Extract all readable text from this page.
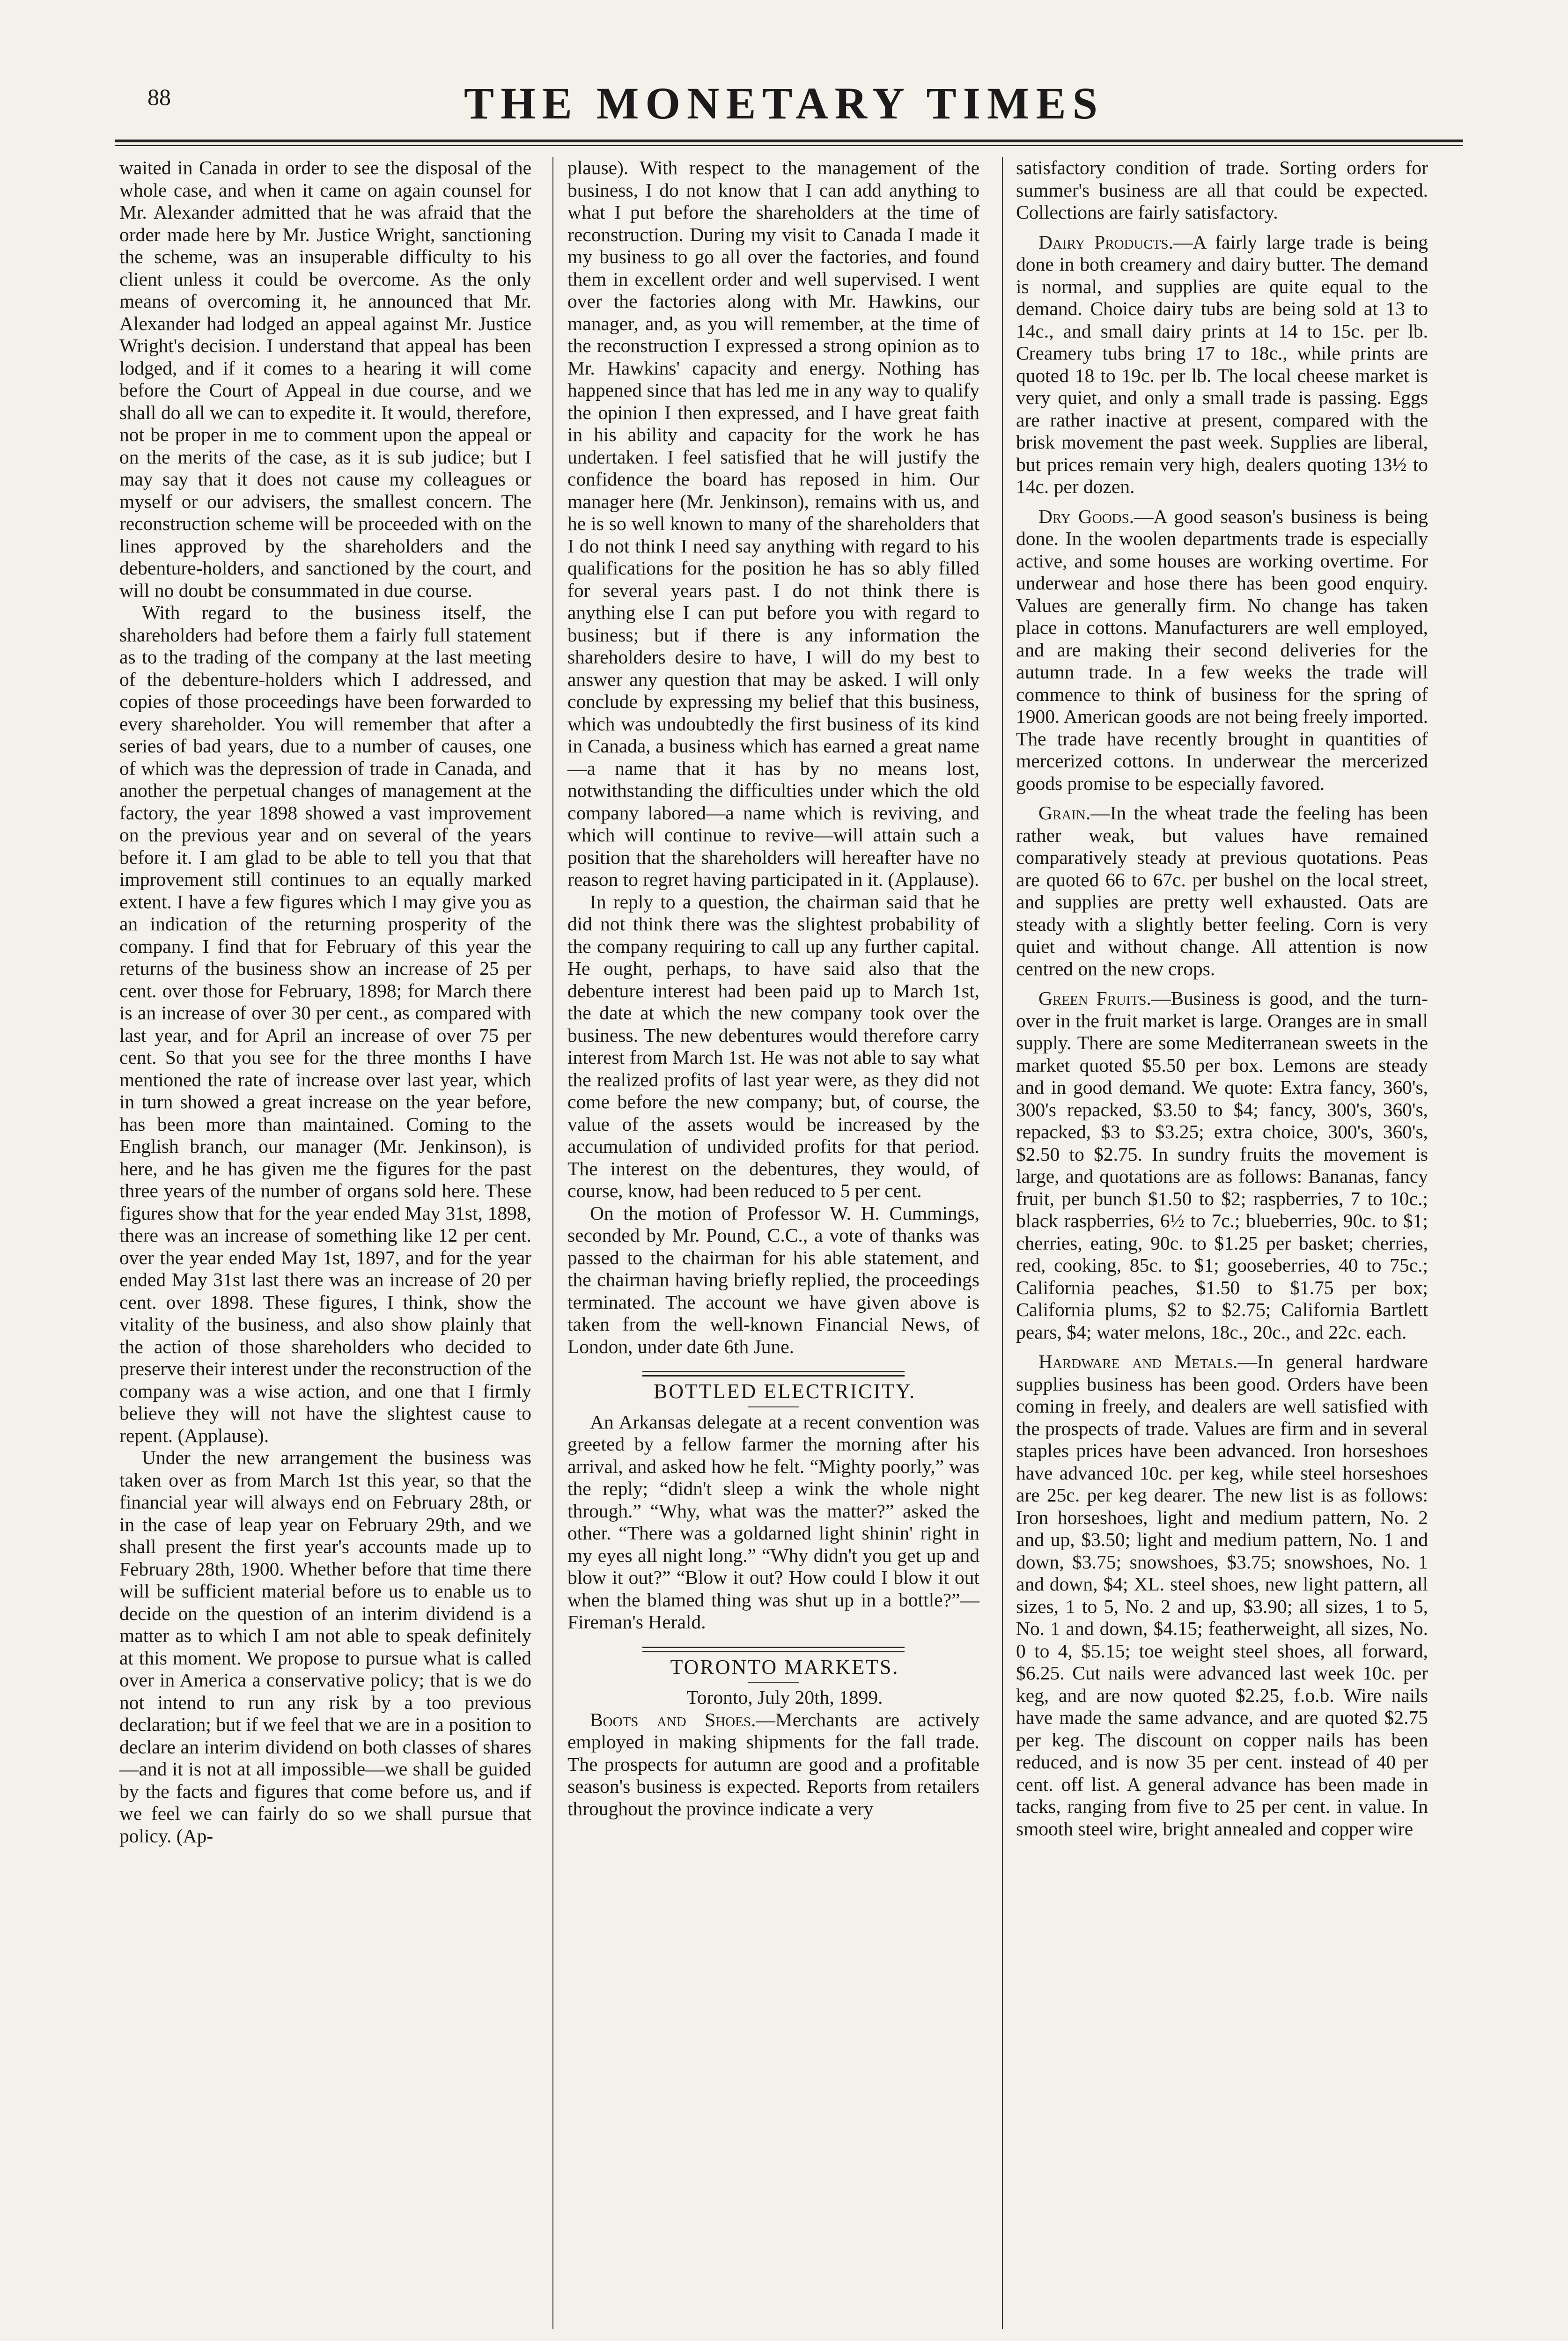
88	THE MONETARY TIMES

waited in Canada in order to see the disposal of the whole case, and when it came on again counsel for Mr. Alexander admitted that he was afraid that the order made here by Mr. Justice Wright, sanctioning the scheme, was an insuperable difficulty to his client unless it could be overcome. As the only means of overcoming it, he announced that Mr. Alexander had lodged an appeal against Mr. Justice Wright's decision. I understand that appeal has been lodged, and if it comes to a hearing it will come before the Court of Appeal in due course, and we shall do all we can to expedite it. It would, therefore, not be proper in me to comment upon the appeal or on the merits of the case, as it is sub judice; but I may say that it does not cause my colleagues or myself or our advisers, the smallest concern. The reconstruction scheme will be proceeded with on the lines approved by the shareholders and the debenture-holders, and sanctioned by the court, and will no doubt be consummated in due course.

With regard to the business itself, the shareholders had before them a fairly full statement as to the trading of the company at the last meeting of the debenture-holders which I addressed, and copies of those proceedings have been forwarded to every shareholder. You will remember that after a series of bad years, due to a number of causes, one of which was the depression of trade in Canada, and another the perpetual changes of management at the factory, the year 1898 showed a vast improvement on the previous year and on several of the years before it. I am glad to be able to tell you that that improvement still continues to an equally marked extent. I have a few figures which I may give you as an indication of the returning prosperity of the company. I find that for February of this year the returns of the business show an increase of 25 per cent. over those for February, 1898; for March there is an increase of over 30 per cent., as compared with last year, and for April an increase of over 75 per cent. So that you see for the three months I have mentioned the rate of increase over last year, which in turn showed a great increase on the year before, has been more than maintained. Coming to the English branch, our manager (Mr. Jenkinson), is here, and he has given me the figures for the past three years of the number of organs sold here. These figures show that for the year ended May 31st, 1898, there was an increase of something like 12 per cent. over the year ended May 1st, 1897, and for the year ended May 31st last there was an increase of 20 per cent. over 1898. These figures, I think, show the vitality of the business, and also show plainly that the action of those shareholders who decided to preserve their interest under the reconstruction of the company was a wise action, and one that I firmly believe they will not have the slightest cause to repent. (Applause).

Under the new arrangement the business was taken over as from March 1st this year, so that the financial year will always end on February 28th, or in the case of leap year on February 29th, and we shall present the first year's accounts made up to February 28th, 1900. Whether before that time there will be sufficient material before us to enable us to decide on the question of an interim dividend is a matter as to which I am not able to speak definitely at this moment. We propose to pursue what is called over in America a conservative policy; that is we do not intend to run any risk by a too previous declaration; but if we feel that we are in a position to declare an interim dividend on both classes of shares—and it is not at all impossible—we shall be guided by the facts and figures that come before us, and if we feel we can fairly do so we shall pursue that policy. (Ap-

plause). With respect to the management of the business, I do not know that I can add anything to what I put before the shareholders at the time of reconstruction. During my visit to Canada I made it my business to go all over the factories, and found them in excellent order and well supervised. I went over the factories along with Mr. Hawkins, our manager, and, as you will remember, at the time of the reconstruction I expressed a strong opinion as to Mr. Hawkins' capacity and energy. Nothing has happened since that has led me in any way to qualify the opinion I then expressed, and I have great faith in his ability and capacity for the work he has undertaken. I feel satisfied that he will justify the confidence the board has reposed in him. Our manager here (Mr. Jenkinson), remains with us, and he is so well known to many of the shareholders that I do not think I need say anything with regard to his qualifications for the position he has so ably filled for several years past. I do not think there is anything else I can put before you with regard to business; but if there is any information the shareholders desire to have, I will do my best to answer any question that may be asked. I will only conclude by expressing my belief that this business, which was undoubtedly the first business of its kind in Canada, a business which has earned a great name—a name that it has by no means lost, notwithstanding the difficulties under which the old company labored—a name which is reviving, and which will continue to revive—will attain such a position that the shareholders will hereafter have no reason to regret having participated in it. (Applause).

In reply to a question, the chairman said that he did not think there was the slightest probability of the company requiring to call up any further capital. He ought, perhaps, to have said also that the debenture interest had been paid up to March 1st, the date at which the new company took over the business. The new debentures would therefore carry interest from March 1st. He was not able to say what the realized profits of last year were, as they did not come before the new company; but, of course, the value of the assets would be increased by the accumulation of undivided profits for that period. The interest on the debentures, they would, of course, know, had been reduced to 5 per cent.

On the motion of Professor W. H. Cummings, seconded by Mr. Pound, C.C., a vote of thanks was passed to the chairman for his able statement, and the chairman having briefly replied, the proceedings terminated. The account we have given above is taken from the well-known Financial News, of London, under date 6th June.

BOTTLED ELECTRICITY.

An Arkansas delegate at a recent convention was greeted by a fellow farmer the morning after his arrival, and asked how he felt. “Mighty poorly,” was the reply; “didn't sleep a wink the whole night through.” “Why, what was the matter?” asked the other. “There was a goldarned light shinin' right in my eyes all night long.” “Why didn't you get up and blow it out?” “Blow it out? How could I blow it out when the blamed thing was shut up in a bottle?”—Fireman's Herald.

TORONTO MARKETS.

Toronto, July 20th, 1899.

Boots and Shoes.—Merchants are actively employed in making shipments for the fall trade. The prospects for autumn are good and a profitable season's business is expected. Reports from retailers throughout the province indicate a very

satisfactory condition of trade. Sorting orders for summer's business are all that could be expected. Collections are fairly satisfactory.

Dairy Products.—A fairly large trade is being done in both creamery and dairy butter. The demand is normal, and supplies are quite equal to the demand. Choice dairy tubs are being sold at 13 to 14c., and small dairy prints at 14 to 15c. per lb. Creamery tubs bring 17 to 18c., while prints are quoted 18 to 19c. per lb. The local cheese market is very quiet, and only a small trade is passing. Eggs are rather inactive at present, compared with the brisk movement the past week. Supplies are liberal, but prices remain very high, dealers quoting 13½ to 14c. per dozen.

Dry Goods.—A good season's business is being done. In the woolen departments trade is especially active, and some houses are working overtime. For underwear and hose there has been good enquiry. Values are generally firm. No change has taken place in cottons. Manufacturers are well employed, and are making their second deliveries for the autumn trade. In a few weeks the trade will commence to think of business for the spring of 1900. American goods are not being freely imported. The trade have recently brought in quantities of mercerized cottons. In underwear the mercerized goods promise to be especially favored.

Grain.—In the wheat trade the feeling has been rather weak, but values have remained comparatively steady at previous quotations. Peas are quoted 66 to 67c. per bushel on the local street, and supplies are pretty well exhausted. Oats are steady with a slightly better feeling. Corn is very quiet and without change. All attention is now centred on the new crops.

Green Fruits.—Business is good, and the turn-over in the fruit market is large. Oranges are in small supply. There are some Mediterranean sweets in the market quoted $5.50 per box. Lemons are steady and in good demand. We quote: Extra fancy, 360's, 300's repacked, $3.50 to $4; fancy, 300's, 360's, repacked, $3 to $3.25; extra choice, 300's, 360's, $2.50 to $2.75. In sundry fruits the movement is large, and quotations are as follows: Bananas, fancy fruit, per bunch $1.50 to $2; raspberries, 7 to 10c.; black raspberries, 6½ to 7c.; blueberries, 90c. to $1; cherries, eating, 90c. to $1.25 per basket; cherries, red, cooking, 85c. to $1; gooseberries, 40 to 75c.; California peaches, $1.50 to $1.75 per box; California plums, $2 to $2.75; California Bartlett pears, $4; water melons, 18c., 20c., and 22c. each.

Hardware and Metals.—In general hardware supplies business has been good. Orders have been coming in freely, and dealers are well satisfied with the prospects of trade. Values are firm and in several staples prices have been advanced. Iron horseshoes have advanced 10c. per keg, while steel horseshoes are 25c. per keg dearer. The new list is as follows: Iron horseshoes, light and medium pattern, No. 2 and up, $3.50; light and medium pattern, No. 1 and down, $3.75; snowshoes, $3.75; snowshoes, No. 1 and down, $4; XL. steel shoes, new light pattern, all sizes, 1 to 5, No. 2 and up, $3.90; all sizes, 1 to 5, No. 1 and down, $4.15; featherweight, all sizes, No. 0 to 4, $5.15; toe weight steel shoes, all forward, $6.25. Cut nails were advanced last week 10c. per keg, and are now quoted $2.25, f.o.b. Wire nails have made the same advance, and are quoted $2.75 per keg. The discount on copper nails has been reduced, and is now 35 per cent. instead of 40 per cent. off list. A general advance has been made in tacks, ranging from five to 25 per cent. in value. In smooth steel wire, bright annealed and copper wire
